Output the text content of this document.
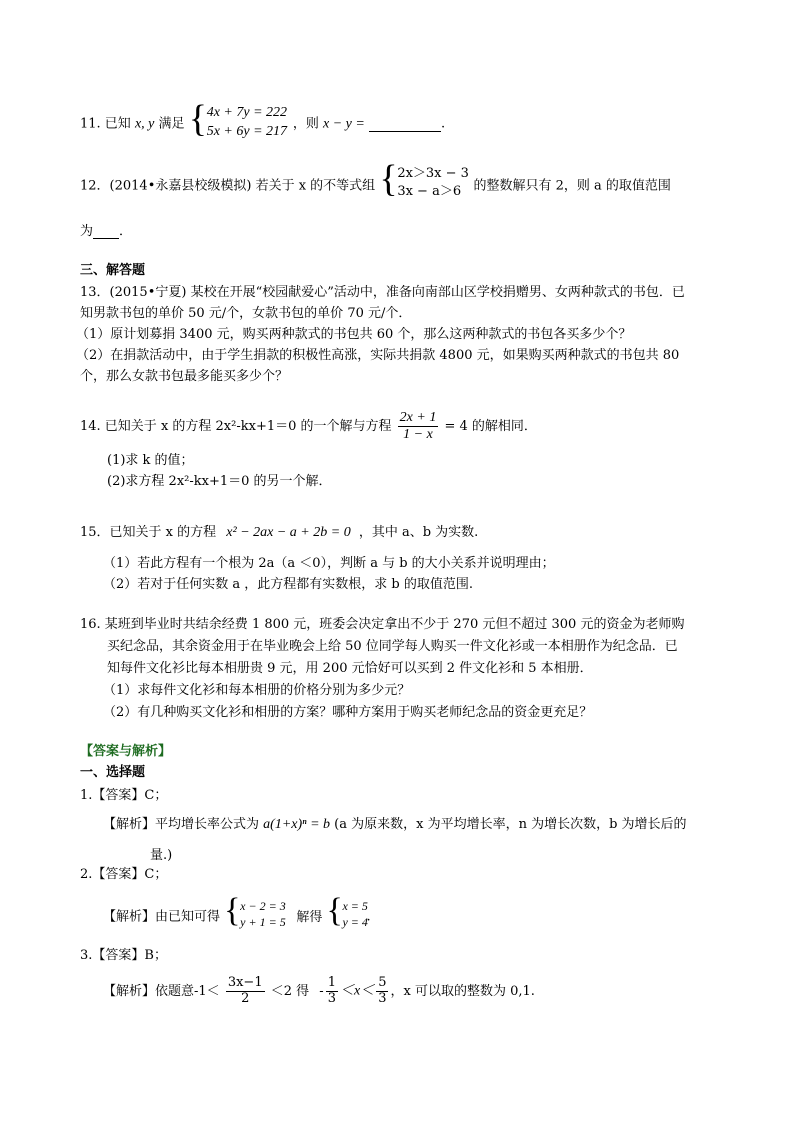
11. 已知 x, y 满足 { 4x + 7y = 222
5x + 6y = 217 ，则 x − y =	.
12．(2014•永嘉县校级模拟) 若关于 x 的不等式组 { 2x＞3x − 3
3x − a＞6 的整数解只有 2，则 a 的取值范围
为 ．
三、解答题
13．(2015•宁夏) 某校在开展“校园献爱心”活动中，准备向南部山区学校捐赠男、女两种款式的书包．已
知男款书包的单价 50 元/个，女款书包的单价 70 元/个．
（1）原计划募捐 3400 元，购买两种款式的书包共 60 个，那么这两种款式的书包各买多少个？
（2）在捐款活动中，由于学生捐款的积极性高涨，实际共捐款 4800 元，如果购买两种款式的书包共 80
个，那么女款书包最多能买多少个？
14. 已知关于 x 的方程 2x²-kx+1＝0 的一个解与方程 $\frac{2x + 1}{1 - x} = 4$ 的解相同．
(1)求 k 的值；
(2)求方程 2x²-kx+1＝0 的另一个解．
15．已知关于 x 的方程 x² − 2ax − a + 2b = 0 ，其中 a、b 为实数.
（1）若此方程有一个根为 2a（a ＜0），判断 a 与 b 的大小关系并说明理由；
（2）若对于任何实数 a ，此方程都有实数根，求 b 的取值范围.
16. 某班到毕业时共结余经费 1 800 元，班委会决定拿出不少于 270 元但不超过 300 元的资金为老师购
买纪念品，其余资金用于在毕业晚会上给 50 位同学每人购买一件文化衫或一本相册作为纪念品．已
知每件文化衫比每本相册贵 9 元，用 200 元恰好可以买到 2 件文化衫和 5 本相册．
（1）求每件文化衫和每本相册的价格分别为多少元？
（2）有几种购买文化衫和相册的方案？哪种方案用于购买老师纪念品的资金更充足？
【答案与解析】
一、选择题
1.【答案】C；
【解析】平均增长率公式为 a(1+x)ⁿ = b (a 为原来数，x 为平均增长率，n 为增长次数，b 为增长后的
量.)
2.【答案】C；
【解析】由已知可得 { x − 2 = 3
y + 1 = 5 解得 { x = 5
y = 4
.
3.【答案】B；
【解析】依题意$-1< \frac{3x-1}{2} <2$ 得 - $\frac{1}{3} <x< \frac{5}{3}$ ，x 可以取的整数为 0,1.
